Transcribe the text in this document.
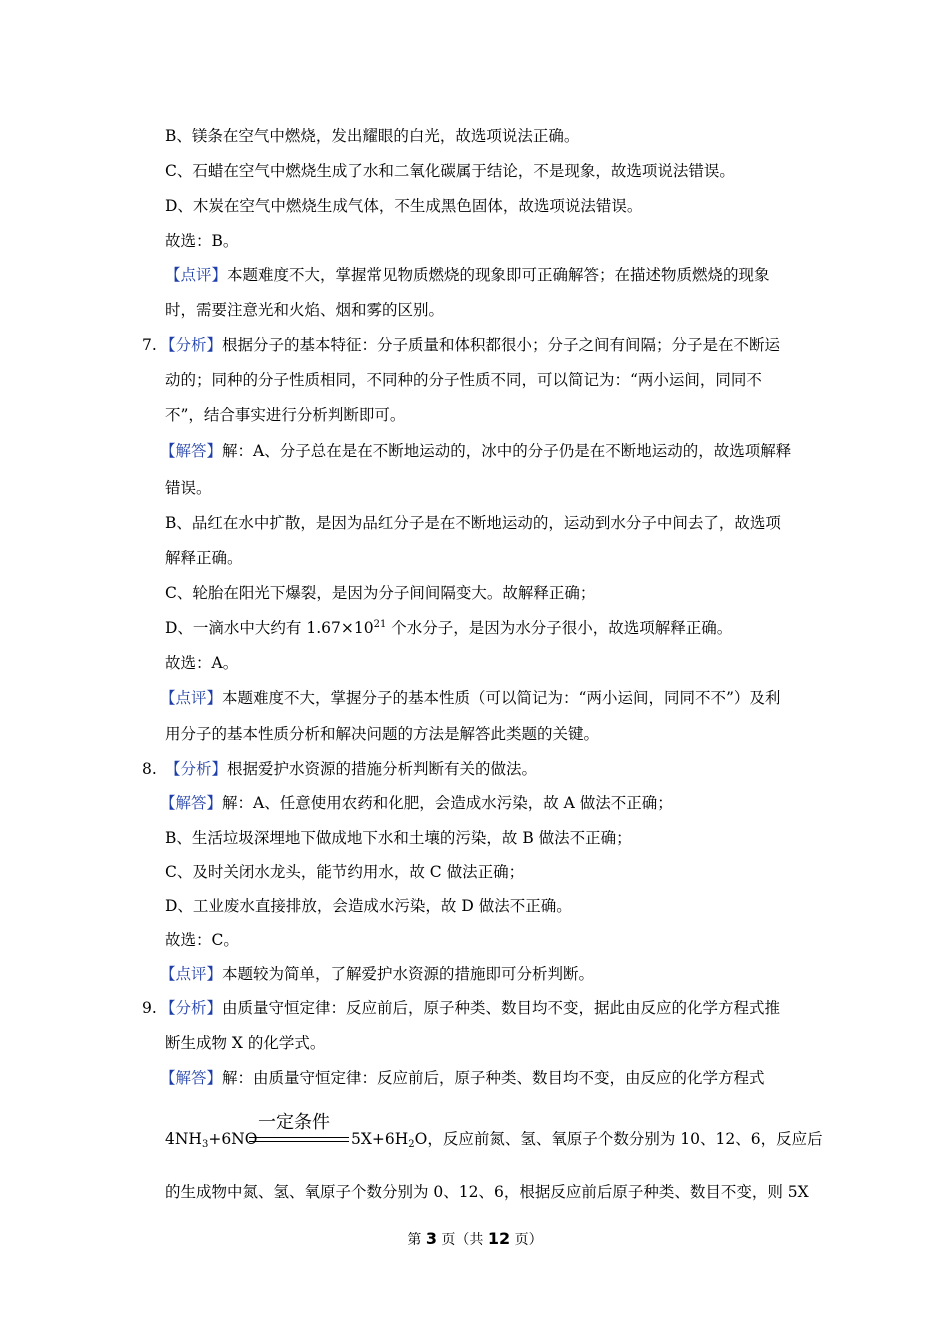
B、镁条在空气中燃烧，发出耀眼的白光，故选项说法正确。
C、石蜡在空气中燃烧生成了水和二氧化碳属于结论，不是现象，故选项说法错误。
D、木炭在空气中燃烧生成气体，不生成黑色固体，故选项说法错误。
故选：B。
【点评】本题难度不大，掌握常见物质燃烧的现象即可正确解答；在描述物质燃烧的现象
时，需要注意光和火焰、烟和雾的区别。
7. 【分析】根据分子的基本特征：分子质量和体积都很小；分子之间有间隔；分子是在不断运
动的；同种的分子性质相同，不同种的分子性质不同，可以简记为：“两小运间，同同不
不”，结合事实进行分析判断即可。
【解答】解：A、分子总在是在不断地运动的，冰中的分子仍是在不断地运动的，故选项解释
错误。
B、品红在水中扩散，是因为品红分子是在不断地运动的，运动到水分子中间去了，故选项
解释正确。
C、轮胎在阳光下爆裂，是因为分子间间隔变大。故解释正确；
D、一滴水中大约有 $1.67\times 10^{21}$ 个水分子，是因为水分子很小，故选项解释正确。
故选：A。
【点评】本题难度不大，掌握分子的基本性质（可以简记为：“两小运间，同同不不”）及利
用分子的基本性质分析和解决问题的方法是解答此类题的关键。
8. 【分析】根据爱护水资源的措施分析判断有关的做法。
【解答】解：A、任意使用农药和化肥，会造成水污染，故 A 做法不正确；
B、生活垃圾深埋地下做成地下水和土壤的污染，故 B 做法不正确；
C、及时关闭水龙头，能节约用水，故 C 做法正确；
D、工业废水直接排放，会造成水污染，故 D 做法不正确。
故选：C。
【点评】本题较为简单，了解爱护水资源的措施即可分析判断。
9. 【分析】由质量守恒定律：反应前后，原子种类、数目均不变，据此由反应的化学方程式推
断生成物 X 的化学式。
【解答】解：由质量守恒定律：反应前后，原子种类、数目均不变，由反应的化学方程式
一定条件
$4NH_3+6NO$	$5X+6H_2O$，反应前氮、氢、氧原子个数分别为 10、12、6，反应后
的生成物中氮、氢、氧原子个数分别为 0、12、6，根据反应前后原子种类、数目不变，则 5X
第 3 页（共 12 页）
